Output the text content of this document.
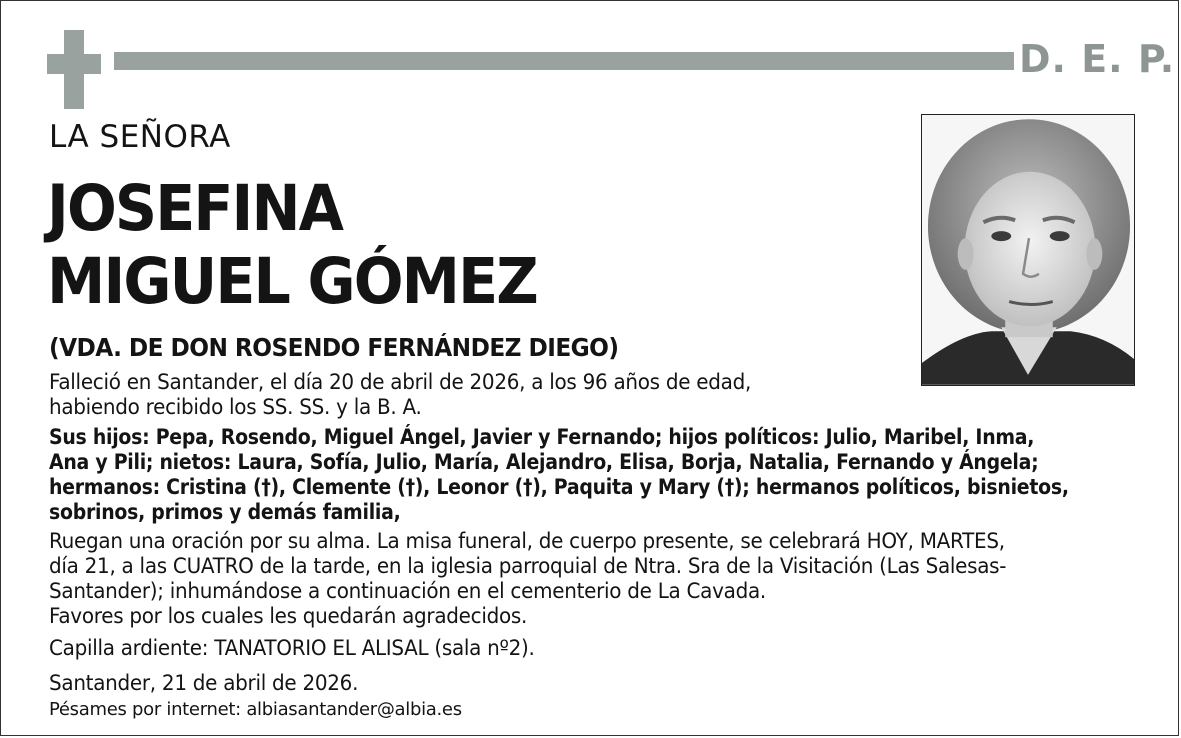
D. E. P.
LA SEÑORA
JOSEFINA
MIGUEL GÓMEZ
(VDA. DE DON ROSENDO FERNÁNDEZ DIEGO)
Falleció en Santander, el día 20 de abril de 2026, a los 96 años de edad,
habiendo recibido los SS. SS. y la B. A.
Sus hijos: Pepa, Rosendo, Miguel Ángel, Javier y Fernando; hijos políticos: Julio, Maribel, Inma,
Ana y Pili; nietos: Laura, Sofía, Julio, María, Alejandro, Elisa, Borja, Natalia, Fernando y Ángela;
hermanos: Cristina (†), Clemente (†), Leonor (†), Paquita y Mary (†); hermanos políticos, bisnietos,
sobrinos, primos y demás familia,
Ruegan una oración por su alma. La misa funeral, de cuerpo presente, se celebrará HOY, MARTES,
día 21, a las CUATRO de la tarde, en la iglesia parroquial de Ntra. Sra de la Visitación (Las Salesas-
Santander); inhumándose a continuación en el cementerio de La Cavada.
Favores por los cuales les quedarán agradecidos.
Capilla ardiente: TANATORIO EL ALISAL (sala nº2).
Santander, 21 de abril de 2026.
Pésames por internet: albiasantander@albia.es
